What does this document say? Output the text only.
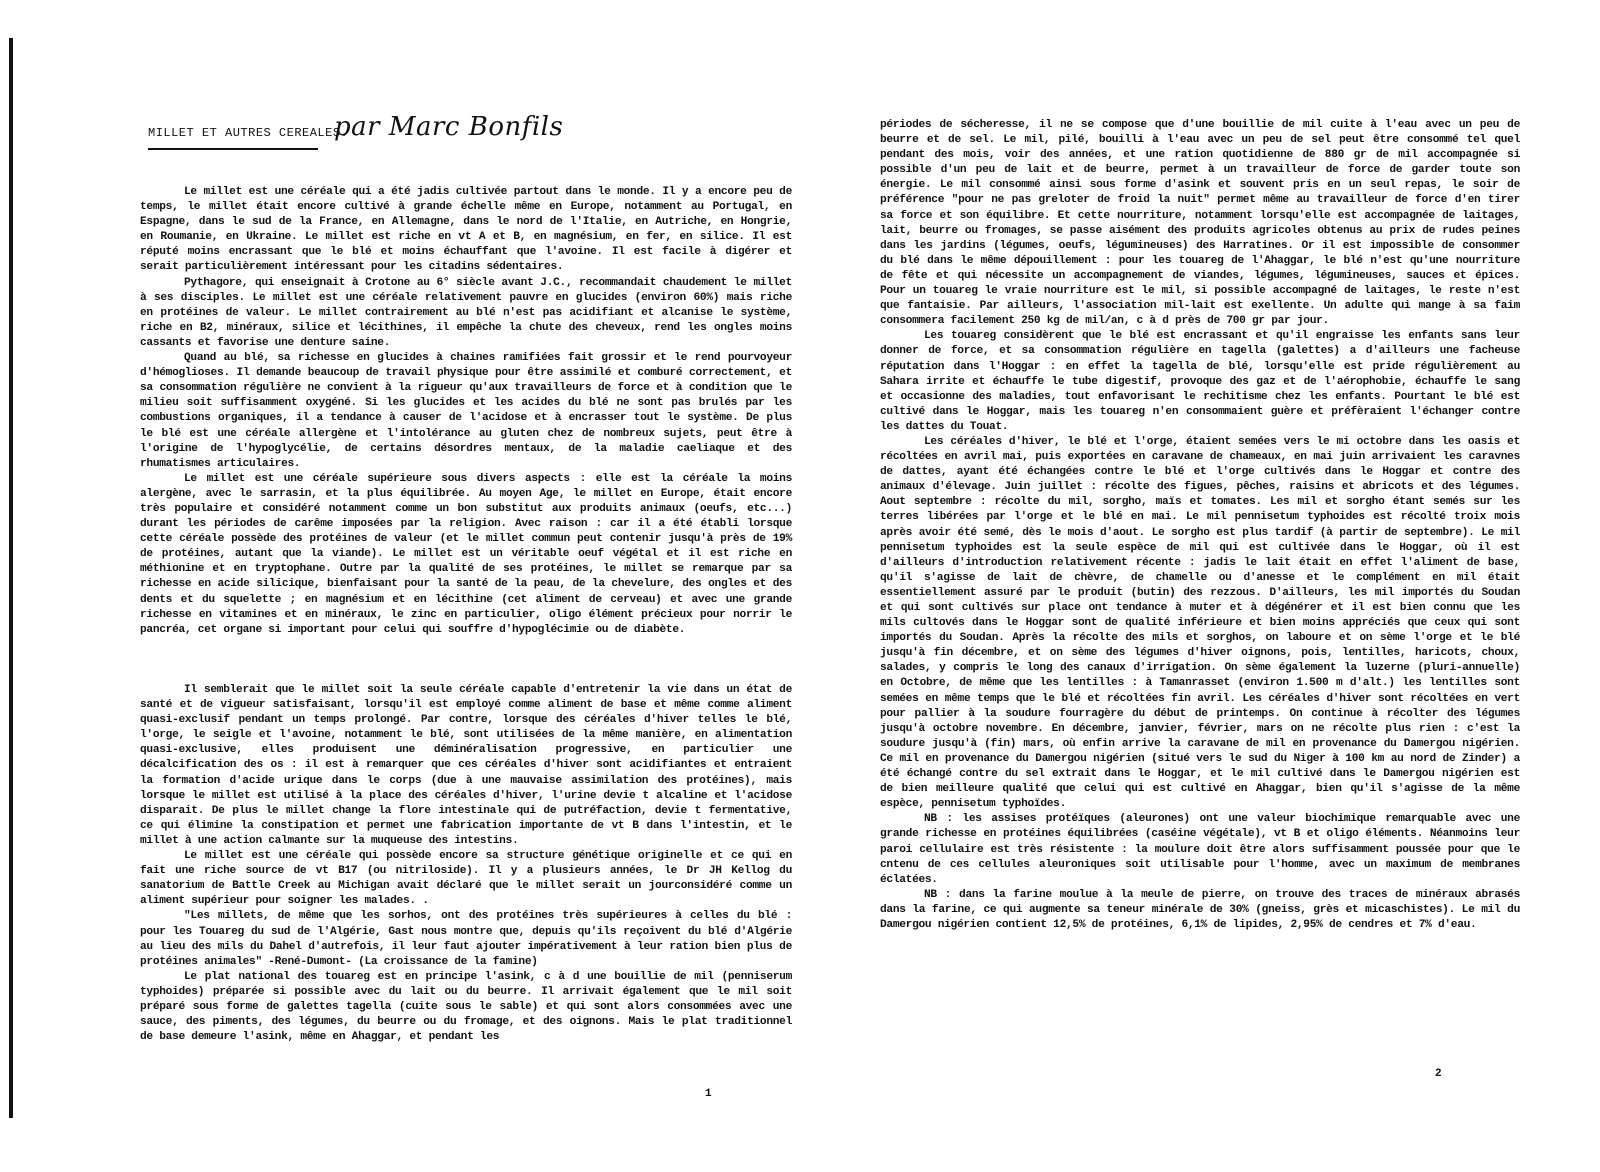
MILLET ET AUTRES CEREALES.
par Marc Bonfils

Le millet est une céréale qui a été jadis cultivée partout dans le monde. Il y a encore peu de temps, le millet était encore cultivé à grande échelle même en Europe, notamment au Portugal, en Espagne, dans le sud de la France, en Allemagne, dans le nord de l'Italie, en Autriche, en Hongrie, en Roumanie, en Ukraine. Le millet est riche en vt A et B, en magnésium, en fer, en silice. Il est réputé moins encrassant que le blé et moins échauffant que l'avoine. Il est facile à digérer et serait particulièrement intéressant pour les citadins sédentaires.

Pythagore, qui enseignait à Crotone au 6° siècle avant J.C., recommandait chaudement le millet à ses disciples. Le millet est une céréale relativement pauvre en glucides (environ 60%) mais riche en protéines de valeur. Le millet contrairement au blé n'est pas acidifiant et alcanise le système, riche en B2, minéraux, silice et lécithines, il empêche la chute des cheveux, rend les ongles moins cassants et favorise une denture saine.

Quand au blé, sa richesse en glucides à chaines ramifiées fait grossir et le rend pourvoyeur d'hémoglioses. Il demande beaucoup de travail physique pour être assimilé et comburé correctement, et sa consommation régulière ne convient à la rigueur qu'aux travailleurs de force et à condition que le milieu soit suffisamment oxygéné. Si les glucides et les acides du blé ne sont pas brulés par les combustions organiques, il a tendance à causer de l'acidose et à encrasser tout le système. De plus le blé est une céréale allergène et l'intolérance au gluten chez de nombreux sujets, peut être à l'origine de l'hypoglycélie, de certains désordres mentaux, de la maladie caeliaque et des rhumatismes articulaires.

Le millet est une céréale supérieure sous divers aspects : elle est la céréale la moins alergène, avec le sarrasin, et la plus équilibrée. Au moyen Age, le millet en Europe, était encore très populaire et considéré notamment comme un bon substitut aux produits animaux (oeufs, etc...) durant les périodes de carême imposées par la religion. Avec raison : car il a été établi lorsque cette céréale possède des protéines de valeur (et le millet commun peut contenir jusqu'à près de 19% de protéines, autant que la viande). Le millet est un véritable oeuf végétal et il est riche en méthionine et en tryptophane. Outre par la qualité de ses protéines, le millet se remarque par sa richesse en acide silicique, bienfaisant pour la santé de la peau, de la chevelure, des ongles et des dents et du squelette ; en magnésium et en lécithine (cet aliment de cerveau) et avec une grande richesse en vitamines et en minéraux, le zinc en particulier, oligo élément précieux pour norrir le pancréa, cet organe si important pour celui qui souffre d'hypoglécimie ou de diabète.

Il semblerait que le millet soit la seule céréale capable d'entretenir la vie dans un état de santé et de vigueur satisfaisant, lorsqu'il est employé comme aliment de base et même comme aliment quasi-exclusif pendant un temps prolongé. Par contre, lorsque des céréales d'hiver telles le blé, l'orge, le seigle et l'avoine, notamment le blé, sont utilisées de la même manière, en alimentation quasi-exclusive, elles produisent une déminéralisation progressive, en particulier une décalcification des os : il est à remarquer que ces céréales d'hiver sont acidifiantes et entraient la formation d'acide urique dans le corps (due à une mauvaise assimilation des protéines), mais lorsque le millet est utilisé à la place des céréales d'hiver, l'urine devie t alcaline et l'acidose disparait. De plus le millet change la flore intestinale qui de putréfaction, devie t fermentative, ce qui élimine la constipation et permet une fabrication importante de vt B dans l'intestin, et le millet à une action calmante sur la muqueuse des intestins.

Le millet est une céréale qui possède encore sa structure génétique originelle et ce qui en fait une riche source de vt B17 (ou nitriloside). Il y a plusieurs années, le Dr JH Kellog du sanatorium de Battle Creek au Michigan avait déclaré que le millet serait un jourconsidéré comme un aliment supérieur pour soigner les malades. .

"Les millets, de même que les sorhos, ont des protéines très supérieures à celles du blé : pour les Touareg du sud de l'Algérie, Gast nous montre que, depuis qu'ils reçoivent du blé d'Algérie au lieu des mils du Dahel d'autrefois, il leur faut ajouter impérativement à leur ration bien plus de protéines animales" -René-Dumont- (La croissance de la famine)

Le plat national des touareg est en principe l'asink, c à d une bouillie de mil (penniserum typhoides) préparée si possible avec du lait ou du beurre. Il arrivait également que le mil soit préparé sous forme de galettes tagella (cuite sous le sable) et qui sont alors consommées avec une sauce, des piments, des légumes, du beurre ou du fromage, et des oignons. Mais le plat traditionnel de base demeure l'asink, même en Ahaggar, et pendant les

1

périodes de sécheresse, il ne se compose que d'une bouillie de mil cuite à l'eau avec un peu de beurre et de sel. Le mil, pilé, bouilli à l'eau avec un peu de sel peut être consommé tel quel pendant des mois, voir des années, et une ration quotidienne de 880 gr de mil accompagnée si possible d'un peu de lait et de beurre, permet à un travailleur de force de garder toute son énergie. Le mil consommé ainsi sous forme d'asink et souvent pris en un seul repas, le soir de préférence "pour ne pas greloter de froid la nuit" permet même au travailleur de force d'en tirer sa force et son équilibre. Et cette nourriture, notamment lorsqu'elle est accompagnée de laitages, lait, beurre ou fromages, se passe aisément des produits agricoles obtenus au prix de rudes peines dans les jardins (légumes, oeufs, légumineuses) des Harratines. Or il est impossible de consommer du blé dans le même dépouillement : pour les touareg de l'Ahaggar, le blé n'est qu'une nourriture de fête et qui nécessite un accompagnement de viandes, légumes, légumineuses, sauces et épices. Pour un touareg le vraie nourriture est le mil, si possible accompagné de laitages, le reste n'est que fantaisie. Par ailleurs, l'association mil-lait est exellente. Un adulte qui mange à sa faim consommera facilement 250 kg de mil/an, c à d près de 700 gr par jour.

Les touareg considèrent que le blé est encrassant et qu'il engraisse les enfants sans leur donner de force, et sa consommation régulière en tagella (galettes) a d'ailleurs une facheuse réputation dans l'Hoggar : en effet la tagella de blé, lorsqu'elle est pride régulièrement au Sahara irrite et échauffe le tube digestif, provoque des gaz et de l'aérophobie, échauffe le sang et occasionne des maladies, tout enfavorisant le rechitisme chez les enfants. Pourtant le blé est cultivé dans le Hoggar, mais les touareg n'en consommaient guère et préfèraient l'échanger contre les dattes du Touat.

Les céréales d'hiver, le blé et l'orge, étaient semées vers le mi octobre dans les oasis et récoltées en avril mai, puis exportées en caravane de chameaux, en mai juin arrivaient les caravnes de dattes, ayant été échangées contre le blé et l'orge cultivés dans le Hoggar et contre des animaux d'élevage. Juin juillet : récolte des figues, pêches, raisins et abricots et des légumes. Aout septembre : récolte du mil, sorgho, maïs et tomates. Les mil et sorgho étant semés sur les terres libérées par l'orge et le blé en mai. Le mil pennisetum typhoides est récolté troix mois après avoir été semé, dès le mois d'aout. Le sorgho est plus tardif (à partir de septembre). Le mil pennisetum typhoides est la seule espèce de mil qui est cultivée dans le Hoggar, où il est d'ailleurs d'introduction relativement récente : jadis le lait était en effet l'aliment de base, qu'il s'agisse de lait de chèvre, de chamelle ou d'anesse et le complément en mil était essentiellement assuré par le produit (butin) des rezzous. D'ailleurs, les mil importés du Soudan et qui sont cultivés sur place ont tendance à muter et à dégénérer et il est bien connu que les mils cultovés dans le Hoggar sont de qualité inférieure et bien moins appréciés que ceux qui sont importés du Soudan. Après la récolte des mils et sorghos, on laboure et on sème l'orge et le blé jusqu'à fin décembre, et on sème des légumes d'hiver oignons, pois, lentilles, haricots, choux, salades, y compris le long des canaux d'irrigation. On sème également la luzerne (pluri-annuelle) en Octobre, de même que les lentilles : à Tamanrasset (environ 1.500 m d'alt.) les lentilles sont semées en même temps que le blé et récoltées fin avril. Les céréales d'hiver sont récoltées en vert pour pallier à la soudure fourragère du début de printemps. On continue à récolter des légumes jusqu'à octobre novembre. En décembre, janvier, février, mars on ne récolte plus rien : c'est la soudure jusqu'à (fin) mars, où enfin arrive la caravane de mil en provenance du Damergou nigérien. Ce mil en provenance du Damergou nigérien (situé vers le sud du Niger à 100 km au nord de Zinder) a été échangé contre du sel extrait dans le Hoggar, et le mil cultivé dans le Damergou nigérien est de bien meilleure qualité que celui qui est cultivé en Ahaggar, bien qu'il s'agisse de la même espèce, pennisetum typhoïdes.

NB : les assises protéïques (aleurones) ont une valeur biochimique remarquable avec une grande richesse en protéines équilibrées (caséine végétale), vt B et oligo éléments. Néanmoins leur paroi cellulaire est très résistente : la moulure doit être alors suffisamment poussée pour que le cntenu de ces cellules aleuroniques soit utilisable pour l'homme, avec un maximum de membranes éclatées.

NB : dans la farine moulue à la meule de pierre, on trouve des traces de minéraux abrasés dans la farine, ce qui augmente sa teneur minérale de 30% (gneiss, grès et micaschistes). Le mil du Damergou nigérien contient 12,5% de protéines, 6,1% de lipides, 2,95% de cendres et 7% d'eau.

2
